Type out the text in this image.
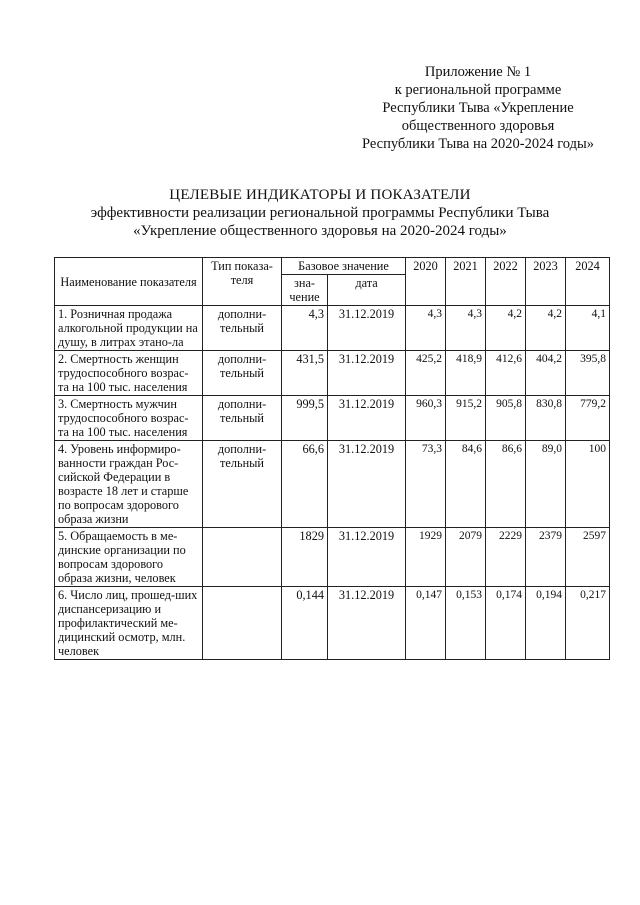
Приложение № 1
к региональной программе
Республики Тыва «Укрепление
общественного здоровья
Республики Тыва на 2020-2024 годы»
ЦЕЛЕВЫЕ ИНДИКАТОРЫ И ПОКАЗАТЕЛИ
эффективности реализации региональной программы Республики Тыва
«Укрепление общественного здоровья на 2020-2024 годы»
Наименование показателя	Тип показа-теля	Базовое значение		2020	2021	2022	2023	2024
		зна-чение	дата					
1. Розничная продажа алкогольной продукции на душу, в литрах этано-ла	дополни-тельный	4,3	31.12.2019	4,3	4,3	4,2	4,2	4,1
2. Смертность женщин трудоспособного возрас-та на 100 тыс. населения	дополни-тельный	431,5	31.12.2019	425,2	418,9	412,6	404,2	395,8
3. Смертность мужчин трудоспособного возрас-та на 100 тыс. населения	дополни-тельный	999,5	31.12.2019	960,3	915,2	905,8	830,8	779,2
4. Уровень информиро-ванности граждан Рос-сийской Федерации в возрасте 18 лет и старше по вопросам здорового образа жизни	дополни-тельный	66,6	31.12.2019	73,3	84,6	86,6	89,0	100
5. Обращаемость в ме-динские организации по вопросам здорового образа жизни, человек		1829	31.12.2019	1929	2079	2229	2379	2597
6. Число лиц, прошед-ших диспансеризацию и профилактический ме-дицинский осмотр, млн. человек		0,144	31.12.2019	0,147	0,153	0,174	0,194	0,217
